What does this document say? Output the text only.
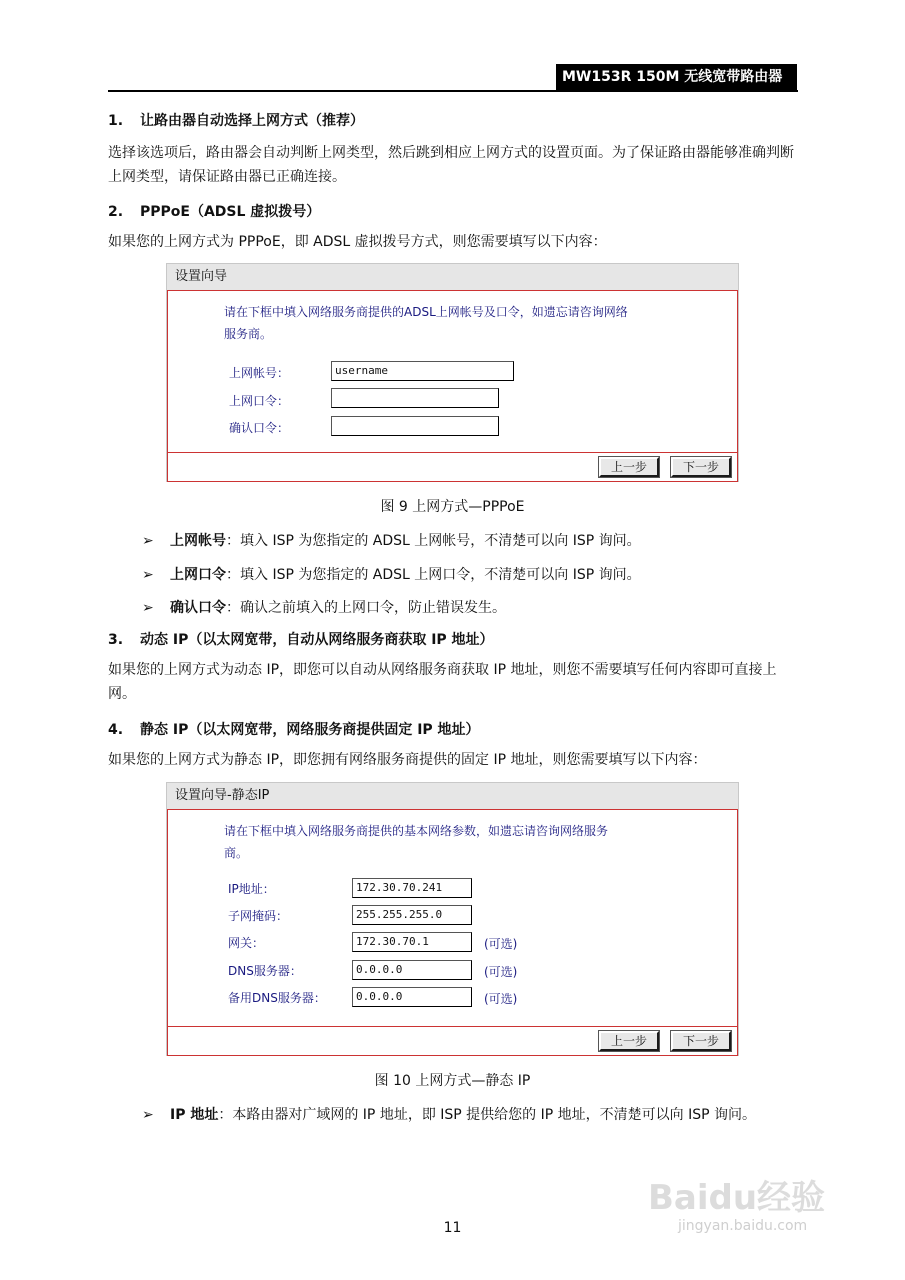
MW153R 150M 无线宽带路由器
1. 让路由器自动选择上网方式（推荐）
选择该选项后，路由器会自动判断上网类型，然后跳到相应上网方式的设置页面。为了保证路由器能够准确判断上网类型，请保证路由器已正确连接。
2. PPPoE（ADSL 虚拟拨号）
如果您的上网方式为 PPPoE，即 ADSL 虚拟拨号方式，则您需要填写以下内容：
设置向导
请在下框中填入网络服务商提供的ADSL上网帐号及口令，如遗忘请咨询网络
服务商。
上网帐号：	username
上网口令：
确认口令：
上一步	下一步
图 9 上网方式—PPPoE
➢ 上网帐号：填入 ISP 为您指定的 ADSL 上网帐号，不清楚可以向 ISP 询问。
➢ 上网口令：填入 ISP 为您指定的 ADSL 上网口令，不清楚可以向 ISP 询问。
➢ 确认口令：确认之前填入的上网口令，防止错误发生。
3. 动态 IP（以太网宽带，自动从网络服务商获取 IP 地址）
如果您的上网方式为动态 IP，即您可以自动从网络服务商获取 IP 地址，则您不需要填写任何内容即可直接上网。
4. 静态 IP（以太网宽带，网络服务商提供固定 IP 地址）
如果您的上网方式为静态 IP，即您拥有网络服务商提供的固定 IP 地址，则您需要填写以下内容：
设置向导-静态IP
请在下框中填入网络服务商提供的基本网络参数，如遗忘请咨询网络服务
商。
IP地址：	172.30.70.241
子网掩码：	255.255.255.0
网关：	172.30.70.1	(可选)
DNS服务器：	0.0.0.0	(可选)
备用DNS服务器：	0.0.0.0	(可选)
上一步	下一步
图 10 上网方式—静态 IP
➢ IP 地址：本路由器对广域网的 IP 地址，即 ISP 提供给您的 IP 地址，不清楚可以向 ISP 询问。
Baidu经验
jingyan.baidu.com
11
